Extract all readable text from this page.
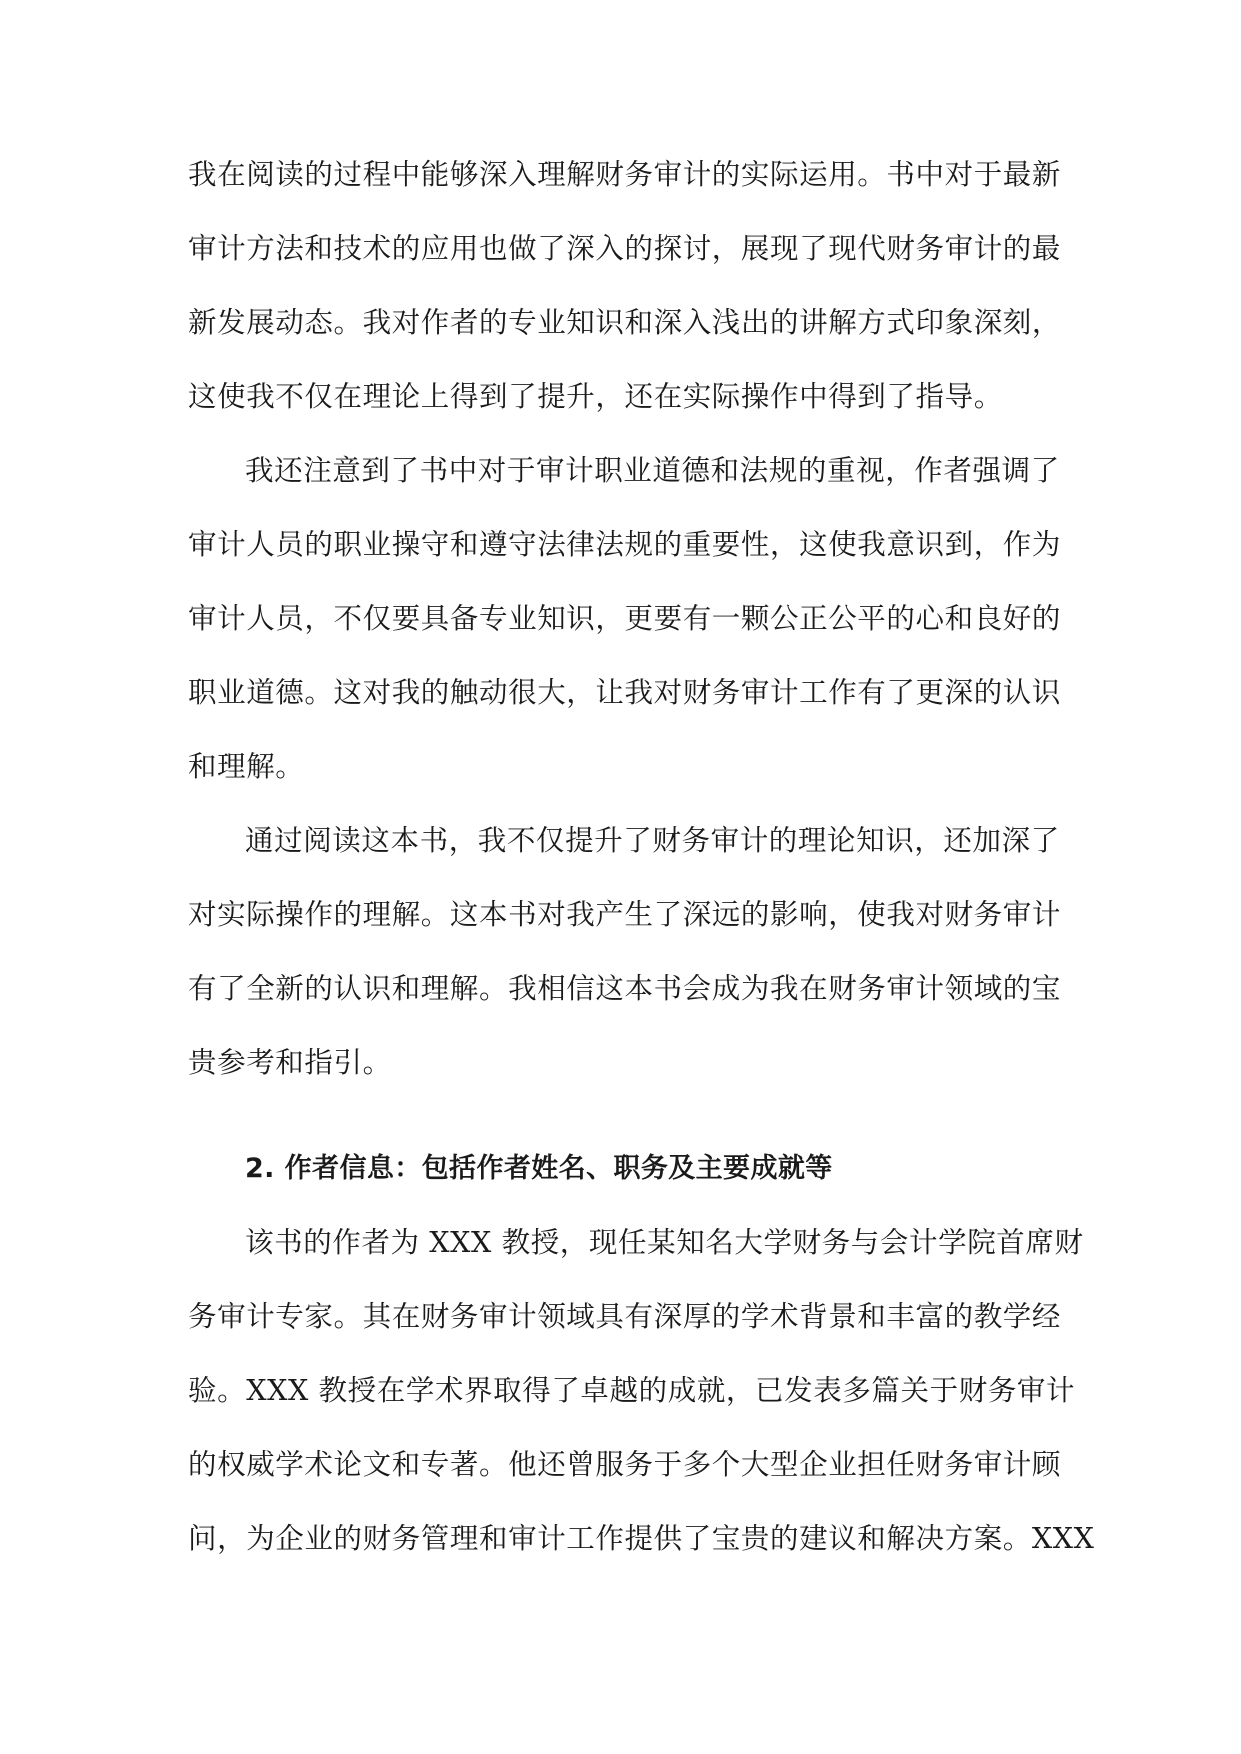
我在阅读的过程中能够深入理解财务审计的实际运用。书中对于最新
审计方法和技术的应用也做了深入的探讨，展现了现代财务审计的最
新发展动态。我对作者的专业知识和深入浅出的讲解方式印象深刻，
这使我不仅在理论上得到了提升，还在实际操作中得到了指导。
我还注意到了书中对于审计职业道德和法规的重视，作者强调了
审计人员的职业操守和遵守法律法规的重要性，这使我意识到，作为
审计人员，不仅要具备专业知识，更要有一颗公正公平的心和良好的
职业道德。这对我的触动很大，让我对财务审计工作有了更深的认识
和理解。
通过阅读这本书，我不仅提升了财务审计的理论知识，还加深了
对实际操作的理解。这本书对我产生了深远的影响，使我对财务审计
有了全新的认识和理解。我相信这本书会成为我在财务审计领域的宝
贵参考和指引。
2. 作者信息：包括作者姓名、职务及主要成就等
该书的作者为 XXX 教授，现任某知名大学财务与会计学院首席财
务审计专家。其在财务审计领域具有深厚的学术背景和丰富的教学经
验。XXX 教授在学术界取得了卓越的成就，已发表多篇关于财务审计
的权威学术论文和专著。他还曾服务于多个大型企业担任财务审计顾
问，为企业的财务管理和审计工作提供了宝贵的建议和解决方案。XXX
